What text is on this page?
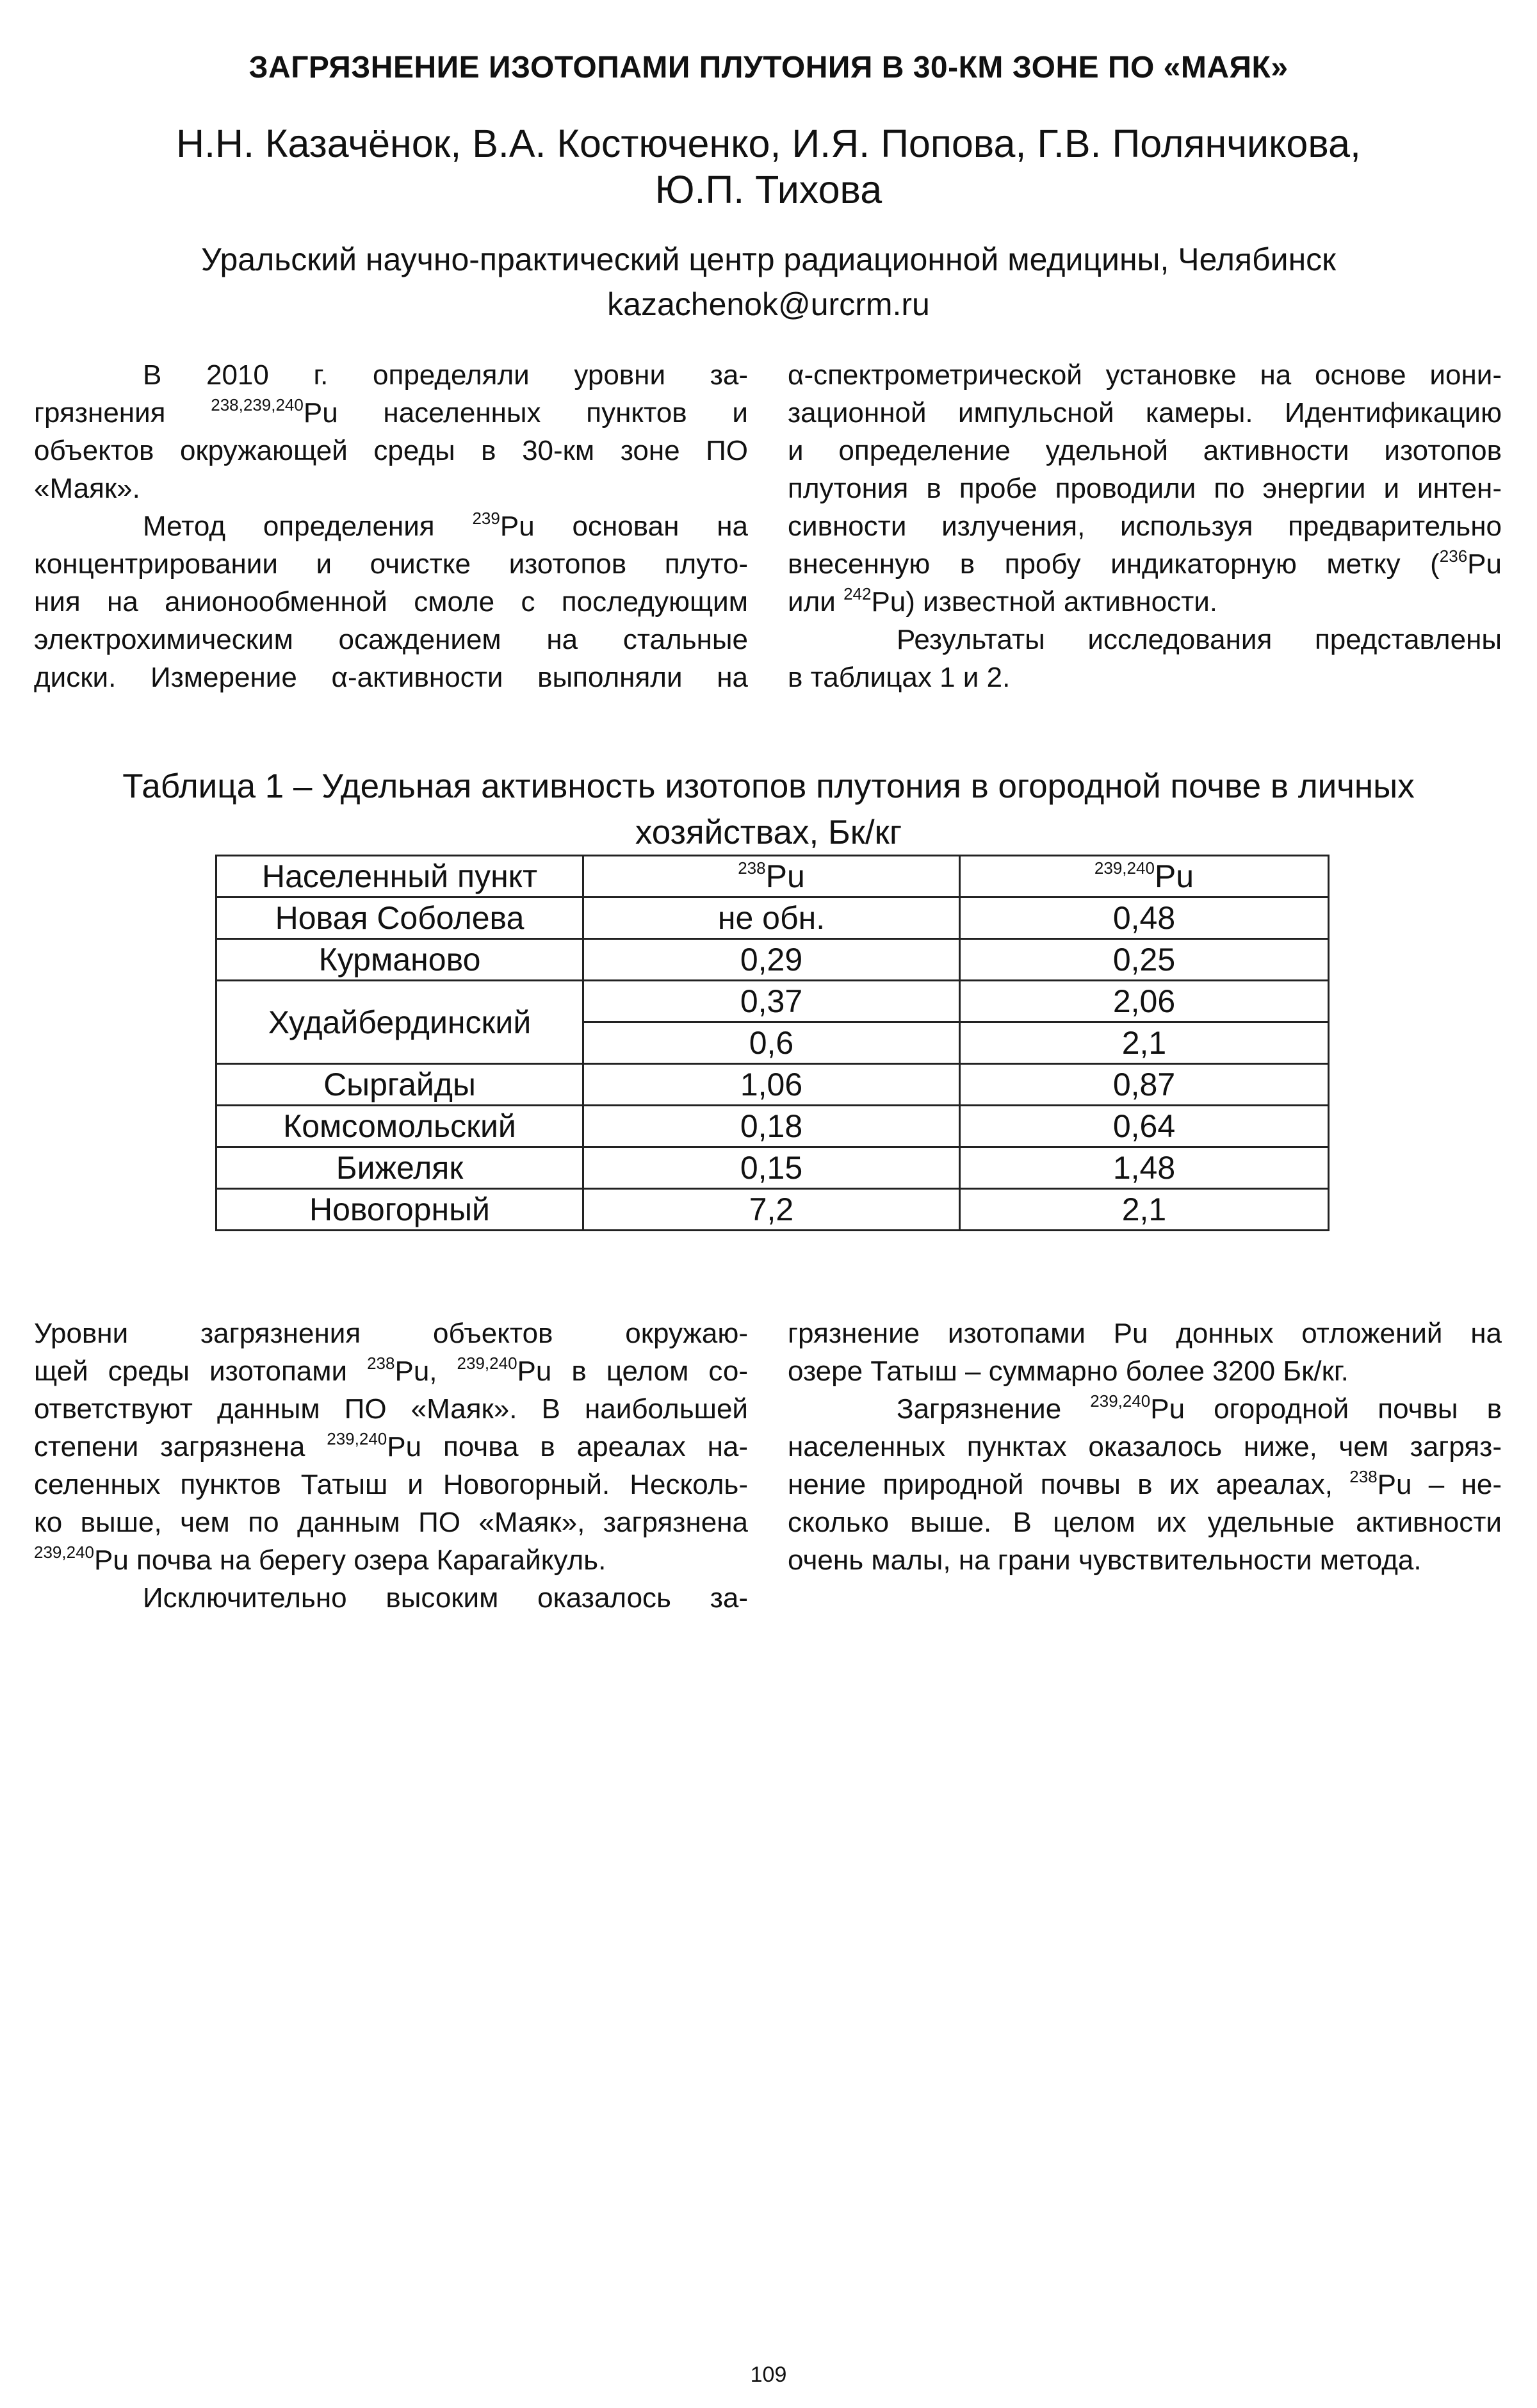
ЗАГРЯЗНЕНИЕ ИЗОТОПАМИ ПЛУТОНИЯ В 30-КМ ЗОНЕ ПО «МАЯК»
Н.Н. Казачёнок, В.А. Костюченко, И.Я. Попова, Г.В. Полянчикова,
Ю.П. Тихова
Уральский научно-практический центр радиационной медицины, Челябинск
kazachenok@urcrm.ru
В 2010 г. определяли уровни за-
грязнения $^{238,239,240}$Pu населенных пунктов и
объектов окружающей среды в 30-км зоне ПО
«Маяк».
Метод определения $^{239}$Pu основан на
концентрировании и очистке изотопов плуто-
ния на анионообменной смоле с последующим
электрохимическим осаждением на стальные
диски. Измерение α-активности выполняли на
α-спектрометрической установке на основе иони-
зационной импульсной камеры. Идентификацию
и определение удельной активности изотопов
плутония в пробе проводили по энергии и интен-
сивности излучения, используя предварительно
внесенную в пробу индикаторную метку ($^{236}$Pu
или $^{242}$Pu) известной активности.
Результаты исследования представлены
в таблицах 1 и 2.
Таблица 1 – Удельная активность изотопов плутония в огородной почве в личных
хозяйствах, Бк/кг
Населенный пункт	$^{238}$Pu	$^{239,240}$Pu
Новая Соболева	не обн.	0,48
Курманово	0,29	0,25
Худайбердинский	0,37	2,06
	0,6	2,1
Сыргайды	1,06	0,87
Комсомольский	0,18	0,64
Бижеляк	0,15	1,48
Новогорный	7,2	2,1
Уровни загрязнения объектов окружаю-
щей среды изотопами $^{238}$Pu, $^{239,240}$Pu в целом со-
ответствуют данным ПО «Маяк». В наибольшей
степени загрязнена $^{239,240}$Pu почва в ареалах на-
селенных пунктов Татыш и Новогорный. Несколь-
ко выше, чем по данным ПО «Маяк», загрязнена
$^{239,240}$Pu почва на берегу озера Карагайкуль.
Исключительно высоким оказалось за-
грязнение изотопами Pu донных отложений на
озере Татыш – суммарно более 3200 Бк/кг.
Загрязнение $^{239,240}$Pu огородной почвы в
населенных пунктах оказалось ниже, чем загряз-
нение природной почвы в их ареалах, $^{238}$Pu – не-
сколько выше. В целом их удельные активности
очень малы, на грани чувствительности метода.
109
